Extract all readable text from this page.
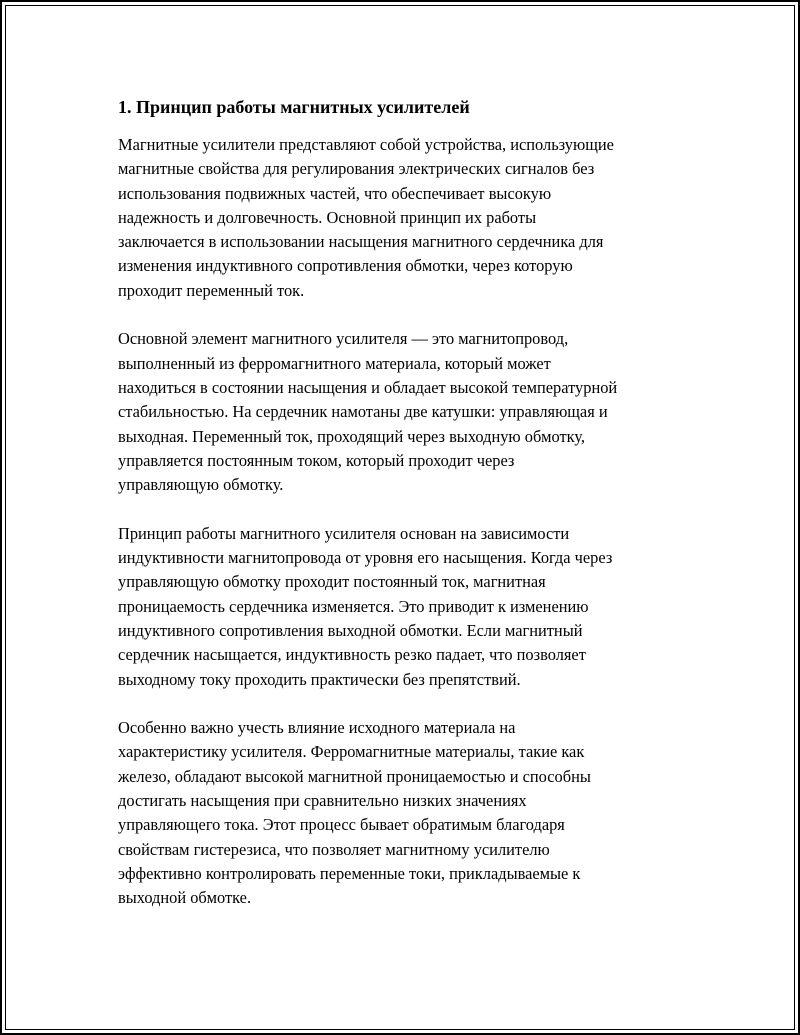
1. Принцип работы магнитных усилителей

Магнитные усилители представляют собой устройства, использующие
магнитные свойства для регулирования электрических сигналов без
использования подвижных частей, что обеспечивает высокую
надежность и долговечность. Основной принцип их работы
заключается в использовании насыщения магнитного сердечника для
изменения индуктивного сопротивления обмотки, через которую
проходит переменный ток.

Основной элемент магнитного усилителя — это магнитопровод,
выполненный из ферромагнитного материала, который может
находиться в состоянии насыщения и обладает высокой температурной
стабильностью. На сердечник намотаны две катушки: управляющая и
выходная. Переменный ток, проходящий через выходную обмотку,
управляется постоянным током, который проходит через
управляющую обмотку.

Принцип работы магнитного усилителя основан на зависимости
индуктивности магнитопровода от уровня его насыщения. Когда через
управляющую обмотку проходит постоянный ток, магнитная
проницаемость сердечника изменяется. Это приводит к изменению
индуктивного сопротивления выходной обмотки. Если магнитный
сердечник насыщается, индуктивность резко падает, что позволяет
выходному току проходить практически без препятствий.

Особенно важно учесть влияние исходного материала на
характеристику усилителя. Ферромагнитные материалы, такие как
железо, обладают высокой магнитной проницаемостью и способны
достигать насыщения при сравнительно низких значениях
управляющего тока. Этот процесс бывает обратимым благодаря
свойствам гистерезиса, что позволяет магнитному усилителю
эффективно контролировать переменные токи, прикладываемые к
выходной обмотке.
